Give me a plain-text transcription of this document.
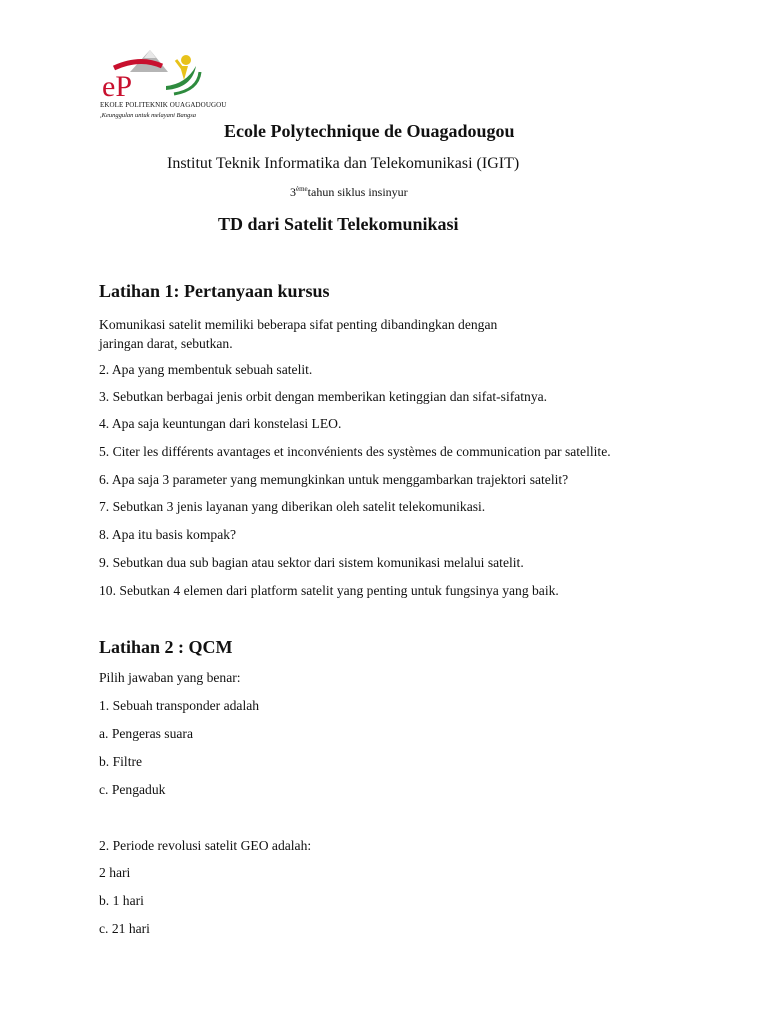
eP
EKOLE POLITEKNIK OUAGADOUGOU
,Keunggulan untuk melayani Bangsa
Ecole Polytechnique de Ouagadougou
Institut Teknik Informatika dan Telekomunikasi (IGIT)
3èmetahun siklus insinyur
TD dari Satelit Telekomunikasi
Latihan 1: Pertanyaan kursus
Komunikasi satelit memiliki beberapa sifat penting dibandingkan dengan
jaringan darat, sebutkan.
2. Apa yang membentuk sebuah satelit.
3. Sebutkan berbagai jenis orbit dengan memberikan ketinggian dan sifat-sifatnya.
4. Apa saja keuntungan dari konstelasi LEO.
5. Citer les différents avantages et inconvénients des systèmes de communication par satellite.
6. Apa saja 3 parameter yang memungkinkan untuk menggambarkan trajektori satelit?
7. Sebutkan 3 jenis layanan yang diberikan oleh satelit telekomunikasi.
8. Apa itu basis kompak?
9. Sebutkan dua sub bagian atau sektor dari sistem komunikasi melalui satelit.
10. Sebutkan 4 elemen dari platform satelit yang penting untuk fungsinya yang baik.
Latihan 2 : QCM
Pilih jawaban yang benar:
1. Sebuah transponder adalah
a. Pengeras suara
b. Filtre
c. Pengaduk
2. Periode revolusi satelit GEO adalah:
2 hari
b. 1 hari
c. 21 hari
